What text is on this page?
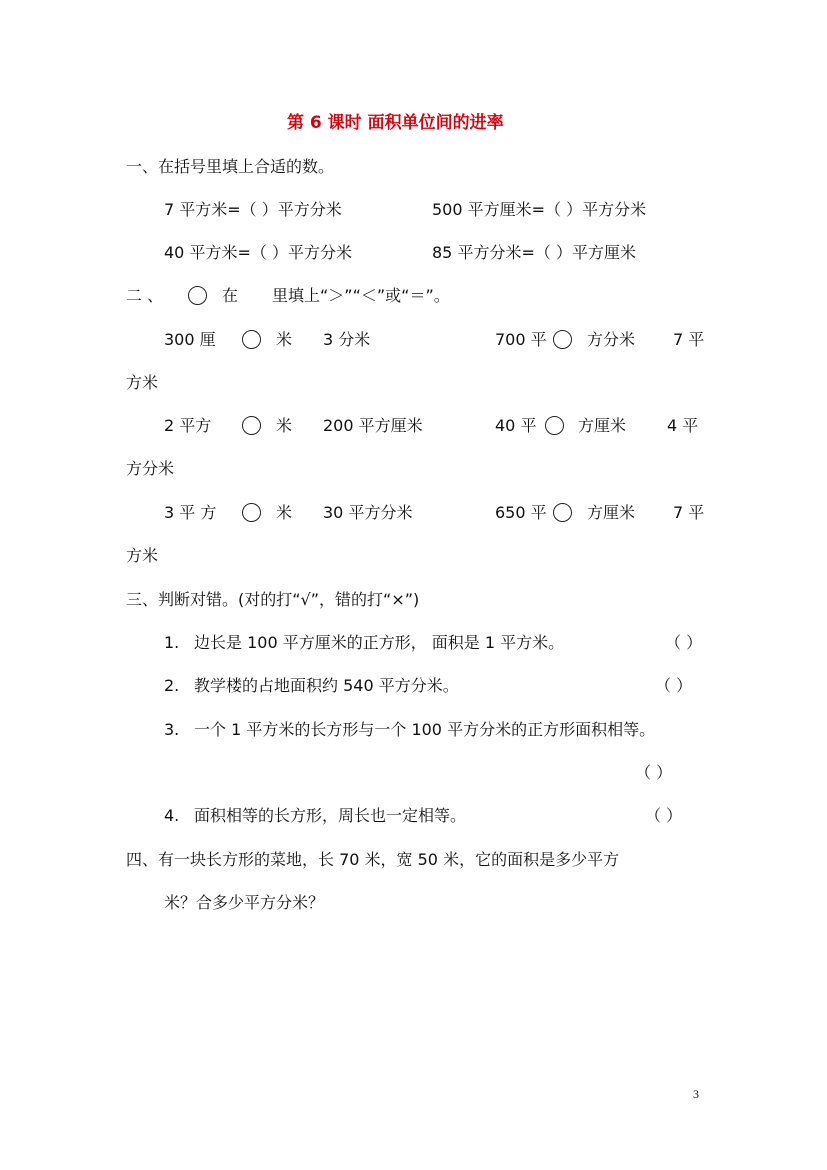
第 6 课时 面积单位间的进率
一、在括号里填上合适的数。
7 平方米=（ ）平方分米	500 平方厘米=（ ）平方分米
40 平方米=（ ）平方分米	85 平方分米=（ ）平方厘米
二 、	在 里填上“＞”“＜”或“＝”。
300 厘	米 3 分米	700 平	方分米 7 平
方米
2 平方	米 200 平方厘米	40 平	方厘米	4 平
方分米
3 平 方	米 30 平方分米	650 平	方厘米 7 平
方米
三、判断对错。(对的打“√”，错的打“×”)
1. 边长是 100 平方厘米的正方形， 面积是 1 平方米。	（ ）
2. 教学楼的占地面积约 540 平方分米。	（ ）
3. 一个 1 平方米的长方形与一个 100 平方分米的正方形面积相等。
（ ）
4. 面积相等的长方形，周长也一定相等。	（ ）
四、有一块长方形的菜地，长 70 米，宽 50 米，它的面积是多少平方
米？合多少平方分米？
3
